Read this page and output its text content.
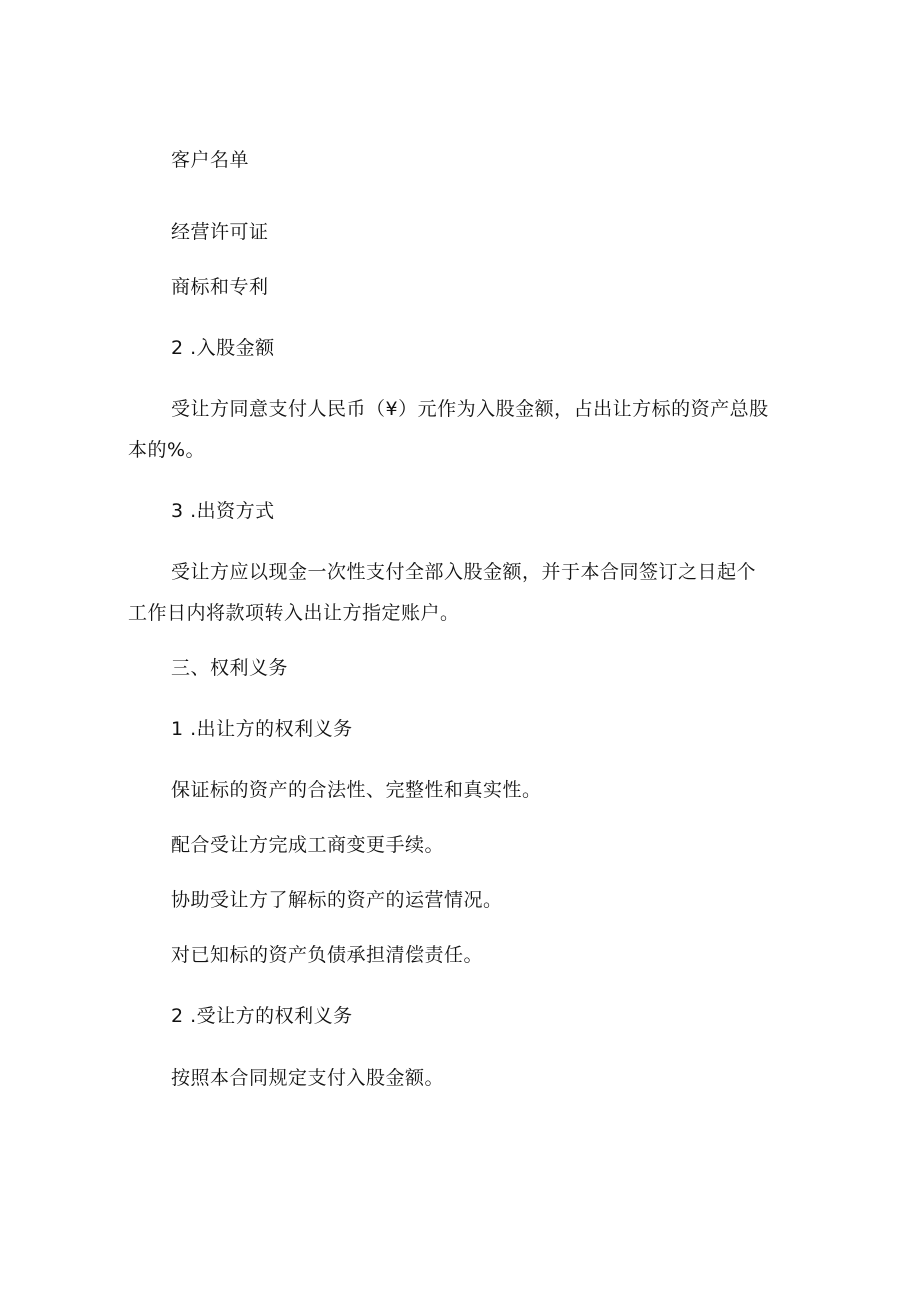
客户名单

经营许可证

商标和专利

2 .入股金额

受让方同意支付人民币（¥）元作为入股金额，占出让方标的资产总股

本的%。

3 .出资方式

受让方应以现金一次性支付全部入股金额，并于本合同签订之日起个

工作日内将款项转入出让方指定账户。

三、权利义务

1 .出让方的权利义务

保证标的资产的合法性、完整性和真实性。

配合受让方完成工商变更手续。

协助受让方了解标的资产的运营情况。

对已知标的资产负债承担清偿责任。

2 .受让方的权利义务

按照本合同规定支付入股金额。
